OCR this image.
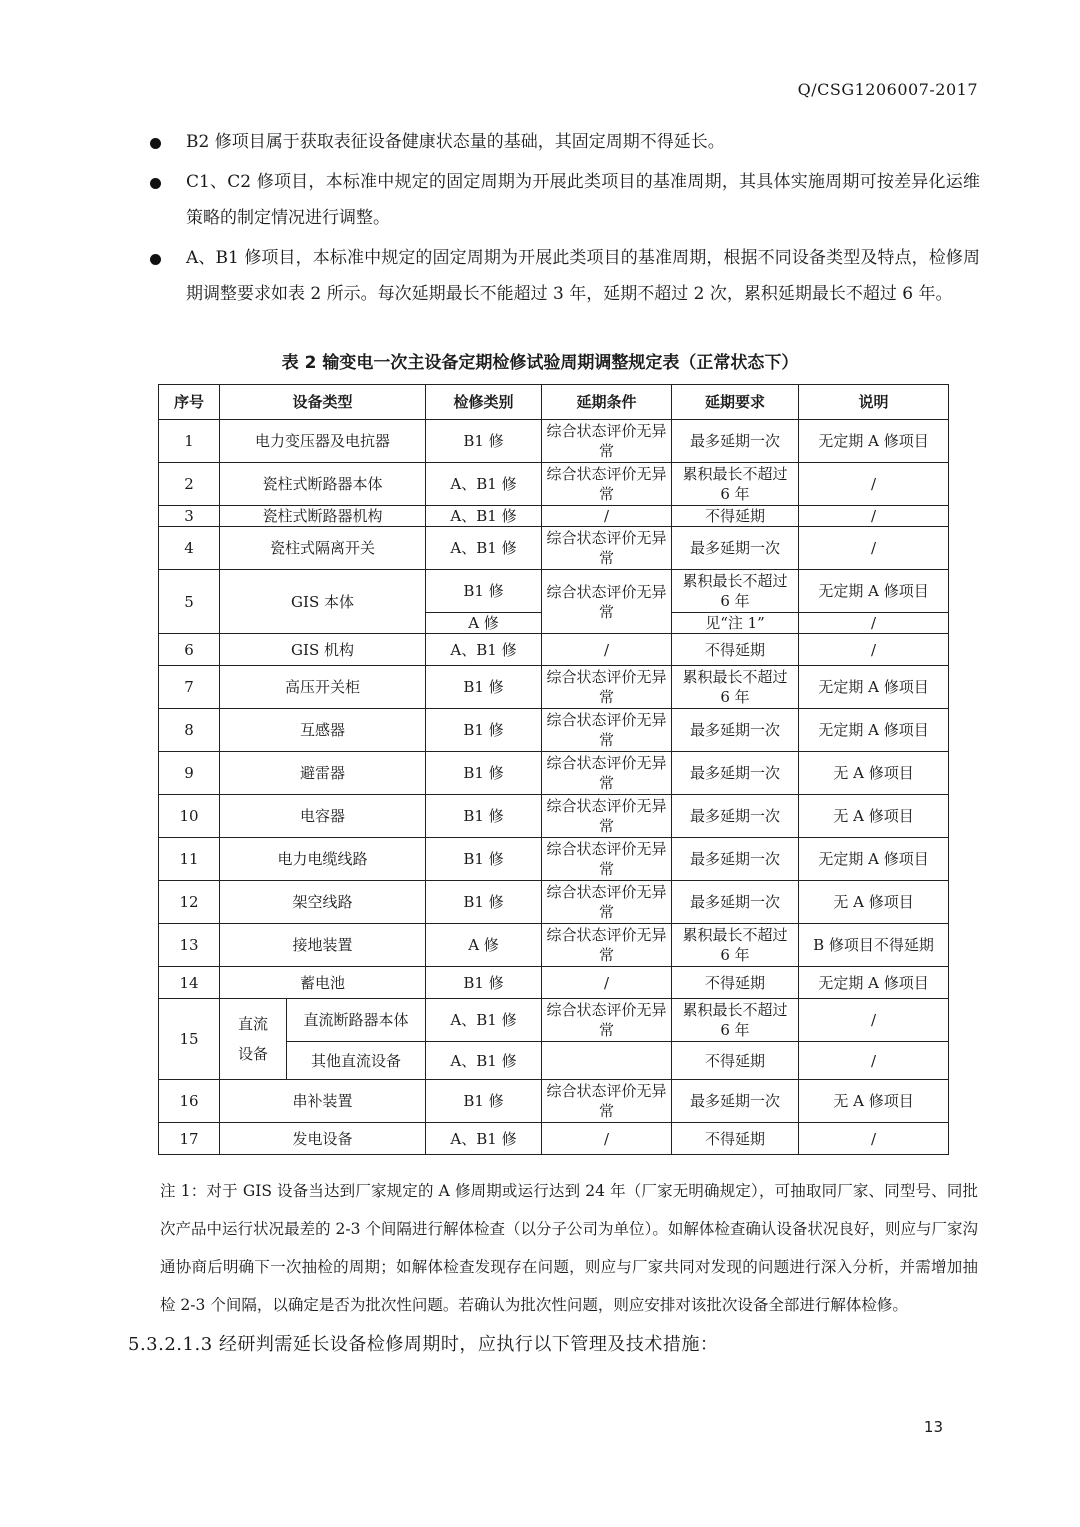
Q/CSG1206007-2017
B2 修项目属于获取表征设备健康状态量的基础，其固定周期不得延长。
C1、C2 修项目，本标准中规定的固定周期为开展此类项目的基准周期，其具体实施周期可按差异化运维策略的制定情况进行调整。
A、B1 修项目，本标准中规定的固定周期为开展此类项目的基准周期，根据不同设备类型及特点，检修周期调整要求如表 2 所示。每次延期最长不能超过 3 年，延期不超过 2 次，累积延期最长不超过 6 年。
表 2 输变电一次主设备定期检修试验周期调整规定表（正常状态下）
序号	设备类型		检修类别	延期条件	延期要求	说明
1	电力变压器及电抗器		B1 修	综合状态评价无异常	最多延期一次	无定期 A 修项目
2	瓷柱式断路器本体		A、B1 修	综合状态评价无异常	累积最长不超过 6 年	/
3	瓷柱式断路器机构		A、B1 修	/	不得延期	/
4	瓷柱式隔离开关		A、B1 修	综合状态评价无异常	最多延期一次	/
5	GIS 本体		B1 修	综合状态评价无异常	累积最长不超过 6 年	无定期 A 修项目
			A 修		见“注 1”	/
6	GIS 机构		A、B1 修	/	不得延期	/
7	高压开关柜		B1 修	综合状态评价无异常	累积最长不超过 6 年	无定期 A 修项目
8	互感器		B1 修	综合状态评价无异常	最多延期一次	无定期 A 修项目
9	避雷器		B1 修	综合状态评价无异常	最多延期一次	无 A 修项目
10	电容器		B1 修	综合状态评价无异常	最多延期一次	无 A 修项目
11	电力电缆线路		B1 修	综合状态评价无异常	最多延期一次	无定期 A 修项目
12	架空线路		B1 修	综合状态评价无异常	最多延期一次	无 A 修项目
13	接地装置		A 修	综合状态评价无异常	累积最长不超过 6 年	B 修项目不得延期
14	蓄电池		B1 修	/	不得延期	无定期 A 修项目
15	直流设备	直流断路器本体	A、B1 修	综合状态评价无异常	累积最长不超过 6 年	/
		其他直流设备	A、B1 修		不得延期	/
16	串补装置		B1 修	综合状态评价无异常	最多延期一次	无 A 修项目
17	发电设备		A、B1 修	/	不得延期	/
注 1：对于 GIS 设备当达到厂家规定的 A 修周期或运行达到 24 年（厂家无明确规定），可抽取同厂家、同型号、同批次产品中运行状况最差的 2-3 个间隔进行解体检查（以分子公司为单位）。如解体检查确认设备状况良好，则应与厂家沟通协商后明确下一次抽检的周期；如解体检查发现存在问题，则应与厂家共同对发现的问题进行深入分析，并需增加抽检 2-3 个间隔，以确定是否为批次性问题。若确认为批次性问题，则应安排对该批次设备全部进行解体检修。
5.3.2.1.3 经研判需延长设备检修周期时，应执行以下管理及技术措施：
13
